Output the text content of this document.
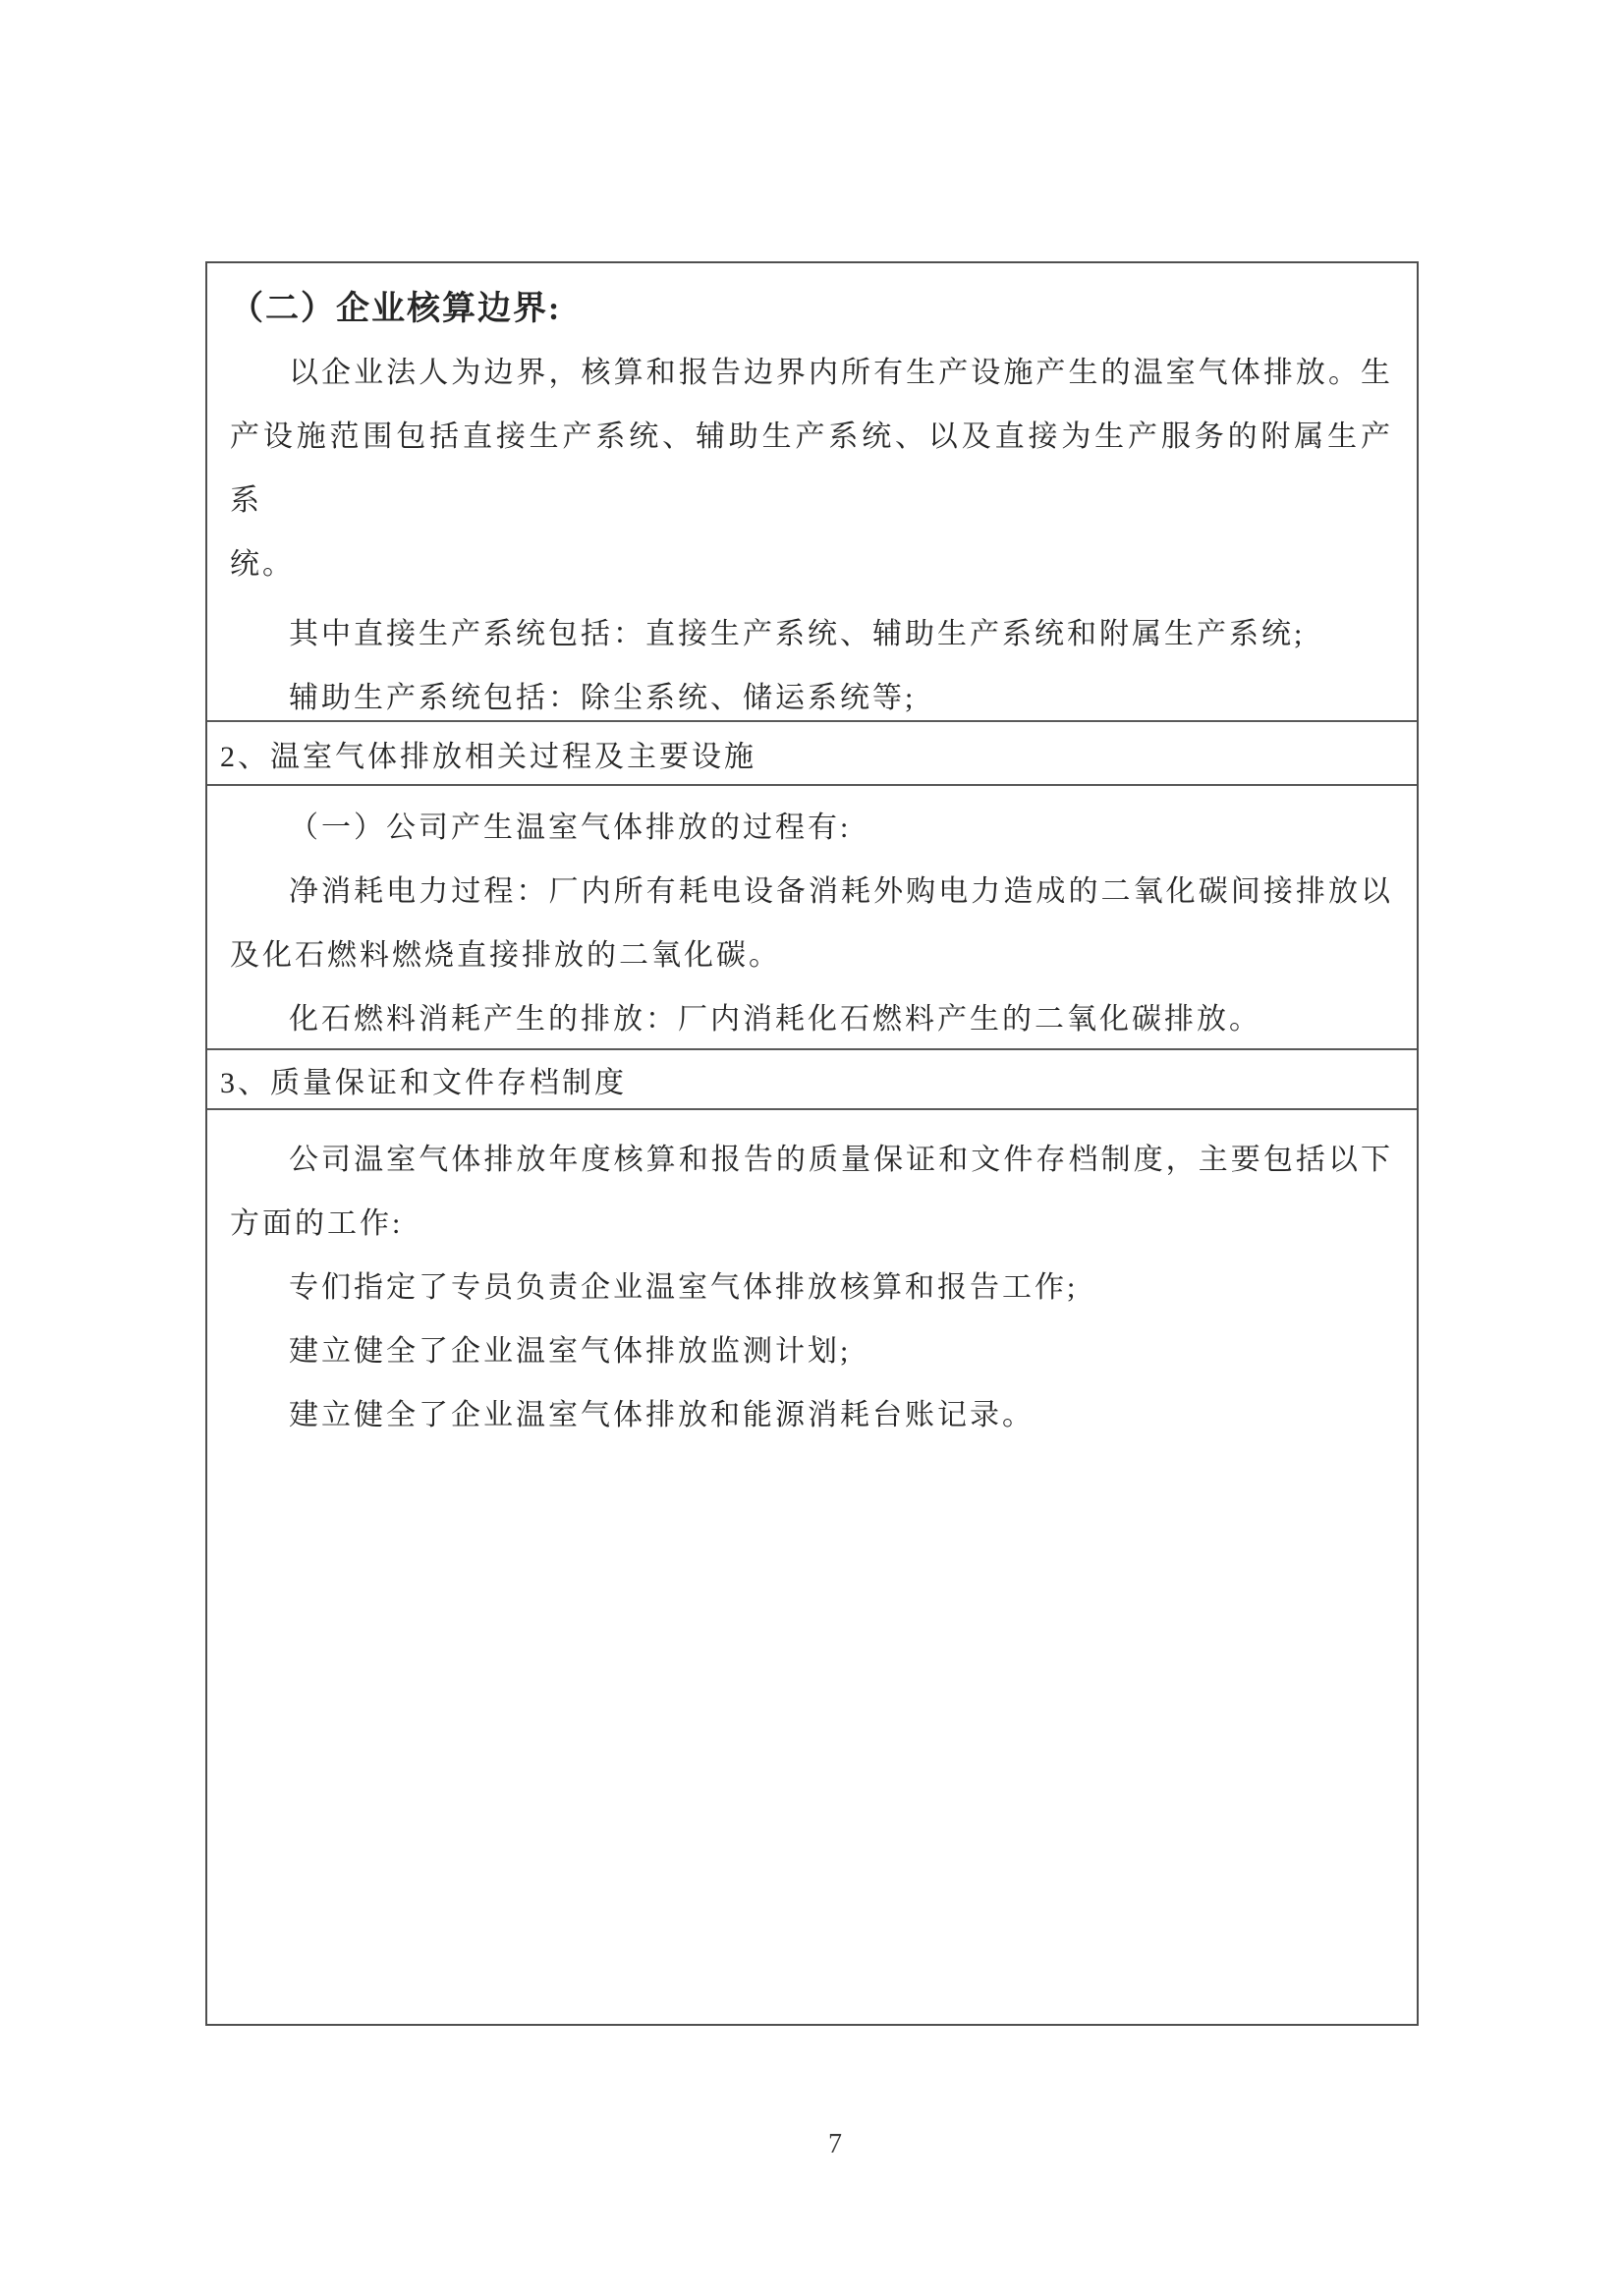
（二）企业核算边界:
以企业法人为边界，核算和报告边界内所有生产设施产生的温室气体排放。生
产设施范围包括直接生产系统、辅助生产系统、以及直接为生产服务的附属生产系
统。
其中直接生产系统包括：直接生产系统、辅助生产系统和附属生产系统;
辅助生产系统包括：除尘系统、储运系统等;
2、温室气体排放相关过程及主要设施
（一）公司产生温室气体排放的过程有:
净消耗电力过程：厂内所有耗电设备消耗外购电力造成的二氧化碳间接排放以
及化石燃料燃烧直接排放的二氧化碳。
化石燃料消耗产生的排放：厂内消耗化石燃料产生的二氧化碳排放。
3、质量保证和文件存档制度
公司温室气体排放年度核算和报告的质量保证和文件存档制度，主要包括以下
方面的工作:
专们指定了专员负责企业温室气体排放核算和报告工作;
建立健全了企业温室气体排放监测计划;
建立健全了企业温室气体排放和能源消耗台账记录。
7
